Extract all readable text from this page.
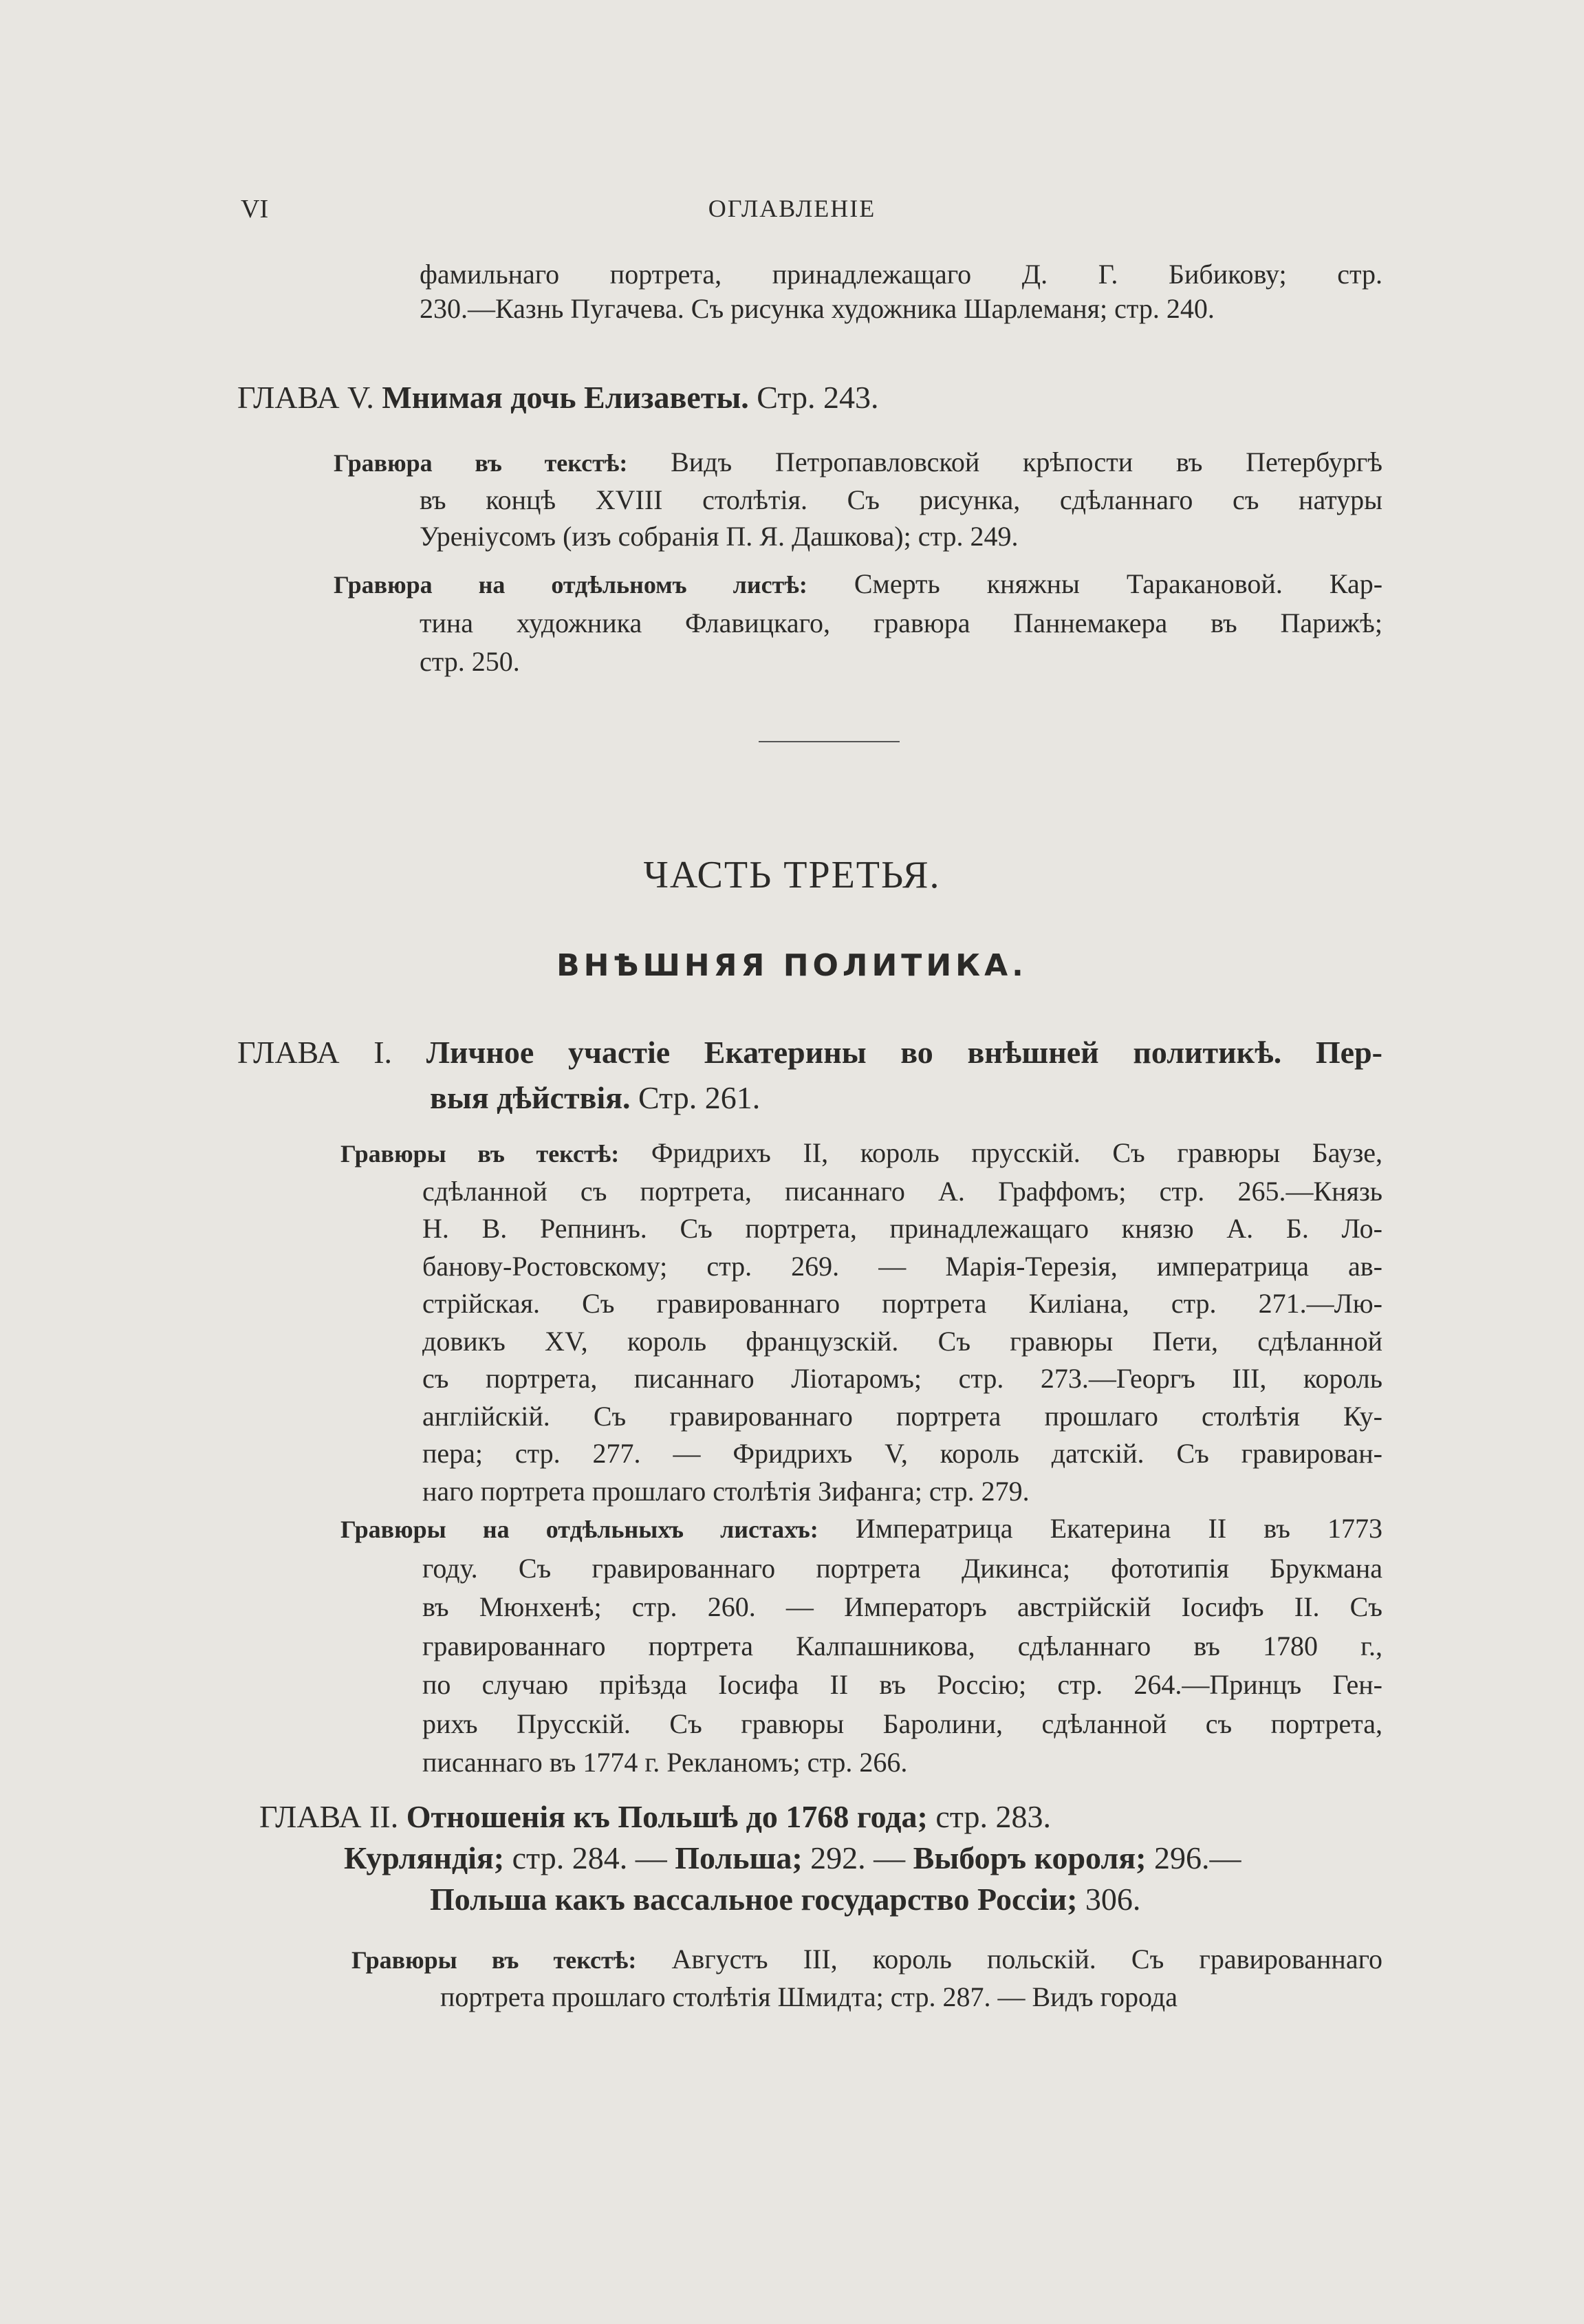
VI	ОГЛАВЛЕНІЕ
ЧАСТЬ ТРЕТЬЯ.
ВНѢШНЯЯ ПОЛИТИКА.
фамильнаго портрета, принадлежащаго Д. Г. Бибикову; стр.
230.—Казнь Пугачева. Съ рисунка художника Шарлеманя; стр. 240.
ГЛАВА V. Мнимая дочь Елизаветы. Стр. 243.
Гравюра въ текстѣ: Видъ Петропавловской крѣпости въ Петербургѣ
въ концѣ XVIII столѣтія. Съ рисунка, сдѣланнаго съ натуры
Уреніусомъ (изъ собранія П. Я. Дашкова); стр. 249.
Гравюра на отдѣльномъ листѣ: Смерть княжны Таракановой. Кар-
тина художника Флавицкаго, гравюра Паннемакера въ Парижѣ;
стр. 250.
ГЛАВА I. Личное участіе Екатерины во внѣшней политикѣ. Пер-
выя дѣйствія. Стр. 261.
Гравюры въ текстѣ: Фридрихъ II, король прусскій. Съ гравюры Баузе,
сдѣланной съ портрета, писаннаго А. Граффомъ; стр. 265.—Князь
Н. В. Репнинъ. Съ портрета, принадлежащаго князю А. Б. Ло-
банову-Ростовскому; стр. 269. — Марія-Терезія, императрица ав-
стрійская. Съ гравированнаго портрета Киліана, стр. 271.—Лю-
довикъ XV, король французскій. Съ гравюры Пети, сдѣланной
съ портрета, писаннаго Ліотаромъ; стр. 273.—Георгъ III, король
англійскій. Съ гравированнаго портрета прошлаго столѣтія Ку-
пера; стр. 277. — Фридрихъ V, король датскій. Съ гравирован-
наго портрета прошлаго столѣтія Зифанга; стр. 279.
Гравюры на отдѣльныхъ листахъ: Императрица Екатерина II въ 1773
году. Съ гравированнаго портрета Дикинса; фототипія Брукмана
въ Мюнхенѣ; стр. 260. — Императоръ австрійскій Іосифъ II. Съ
гравированнаго портрета Калпашникова, сдѣланнаго въ 1780 г.,
по случаю пріѣзда Іосифа II въ Россію; стр. 264.—Принцъ Ген-
рихъ Прусскій. Съ гравюры Баролини, сдѣланной съ портрета,
писаннаго въ 1774 г. Рекланомъ; стр. 266.
ГЛАВА II. Отношенія къ Польшѣ до 1768 года; стр. 283.
Курляндія; стр. 284. — Польша; 292. — Выборъ короля; 296.—
Польша какъ вассальное государство Россіи; 306.
Гравюры въ текстѣ: Августъ III, король польскій. Съ гравированнаго
портрета прошлаго столѣтія Шмидта; стр. 287. — Видъ города
